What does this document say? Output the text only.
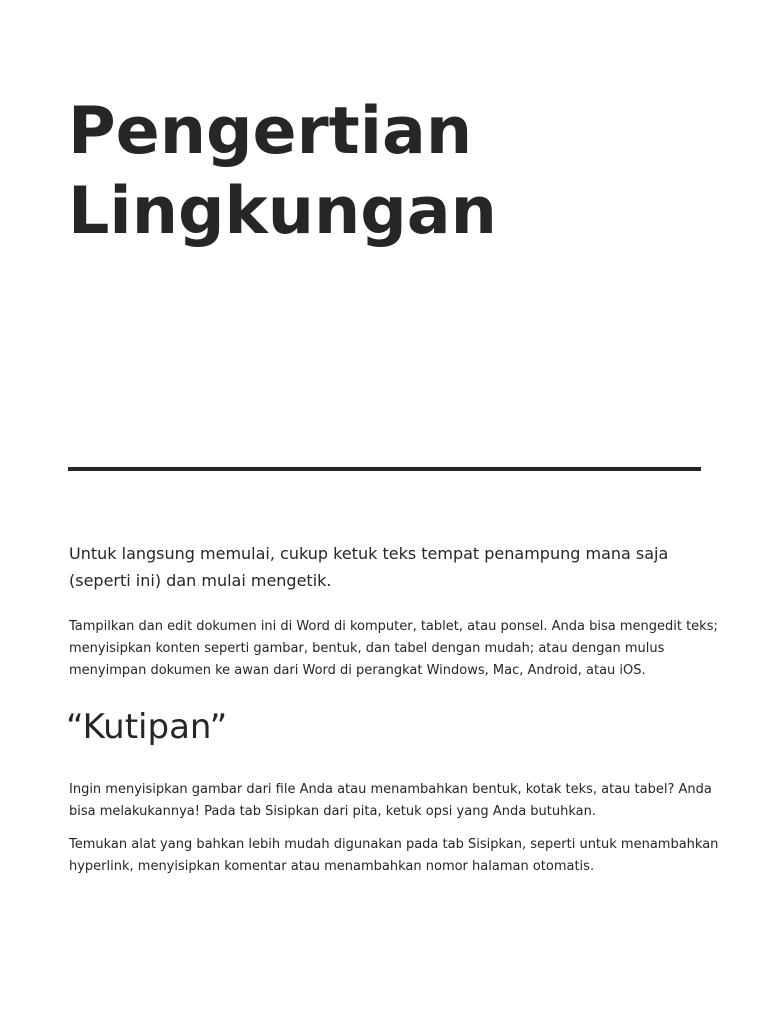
Pengertian
Lingkungan

Untuk langsung memulai, cukup ketuk teks tempat penampung mana saja
(seperti ini) dan mulai mengetik.

Tampilkan dan edit dokumen ini di Word di komputer, tablet, atau ponsel. Anda bisa mengedit teks;
menyisipkan konten seperti gambar, bentuk, dan tabel dengan mudah; atau dengan mulus
menyimpan dokumen ke awan dari Word di perangkat Windows, Mac, Android, atau iOS.

“Kutipan”

Ingin menyisipkan gambar dari file Anda atau menambahkan bentuk, kotak teks, atau tabel? Anda
bisa melakukannya! Pada tab Sisipkan dari pita, ketuk opsi yang Anda butuhkan.

Temukan alat yang bahkan lebih mudah digunakan pada tab Sisipkan, seperti untuk menambahkan
hyperlink, menyisipkan komentar atau menambahkan nomor halaman otomatis.
